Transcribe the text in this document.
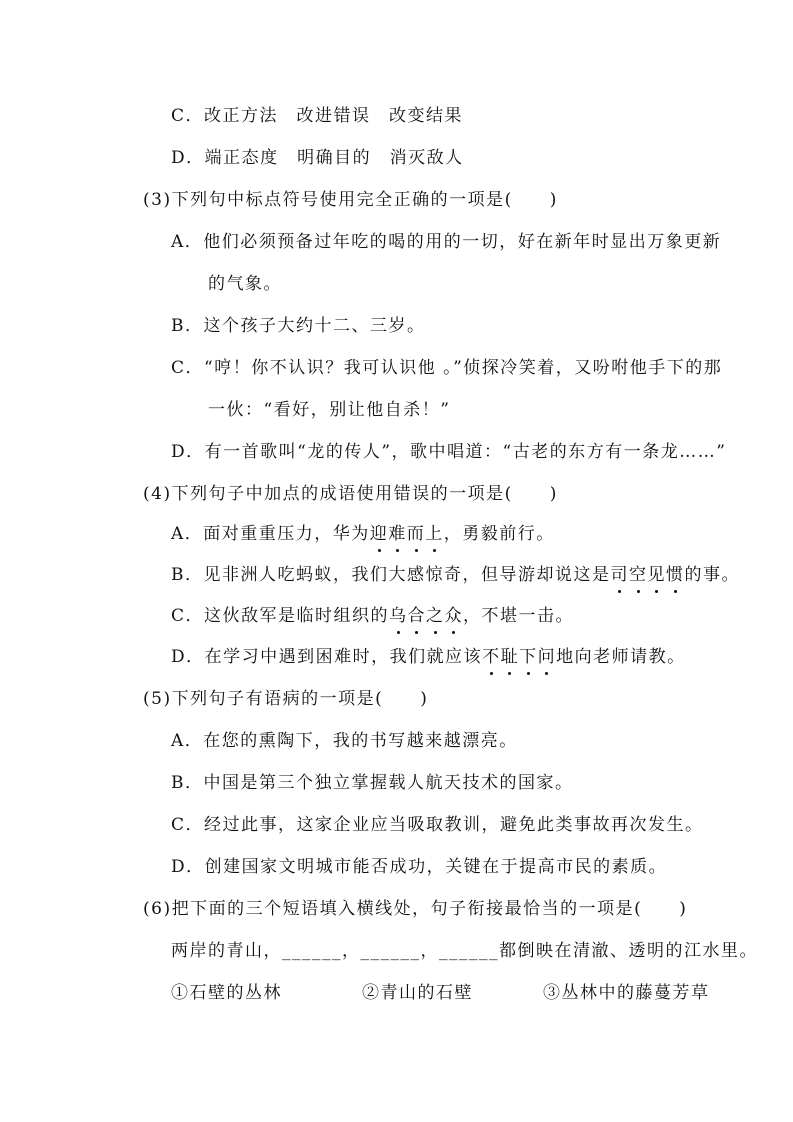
C．改正方法　改进错误　改变结果
D．端正态度　明确目的　消灭敌人
(3)下列句中标点符号使用完全正确的一项是(　　)
A．他们必须预备过年吃的喝的用的一切，好在新年时显出万象更新
的气象。
B．这个孩子大约十二、三岁。
C．“哼！你不认识？我可认识他 。”侦探冷笑着，又吩咐他手下的那
一伙：“看好，别让他自杀！”
D．有一首歌叫“龙的传人”，歌中唱道：“古老的东方有一条龙……”
(4)下列句子中加点的成语使用错误的一项是(　　)
A．面对重重压力，华为迎难而上，勇毅前行。
B．见非洲人吃蚂蚁，我们大感惊奇，但导游却说这是司空见惯的事。
C．这伙敌军是临时组织的乌合之众，不堪一击。
D．在学习中遇到困难时，我们就应该不耻下问地向老师请教。
(5)下列句子有语病的一项是(　　)
A．在您的熏陶下，我的书写越来越漂亮。
B．中国是第三个独立掌握载人航天技术的国家。
C．经过此事，这家企业应当吸取教训，避免此类事故再次发生。
D．创建国家文明城市能否成功，关键在于提高市民的素质。
(6)把下面的三个短语填入横线处，句子衔接最恰当的一项是(　　)
两岸的青山，______，______，______都倒映在清澈、透明的江水里。
①石壁的丛林	②青山的石壁	③丛林中的藤蔓芳草
